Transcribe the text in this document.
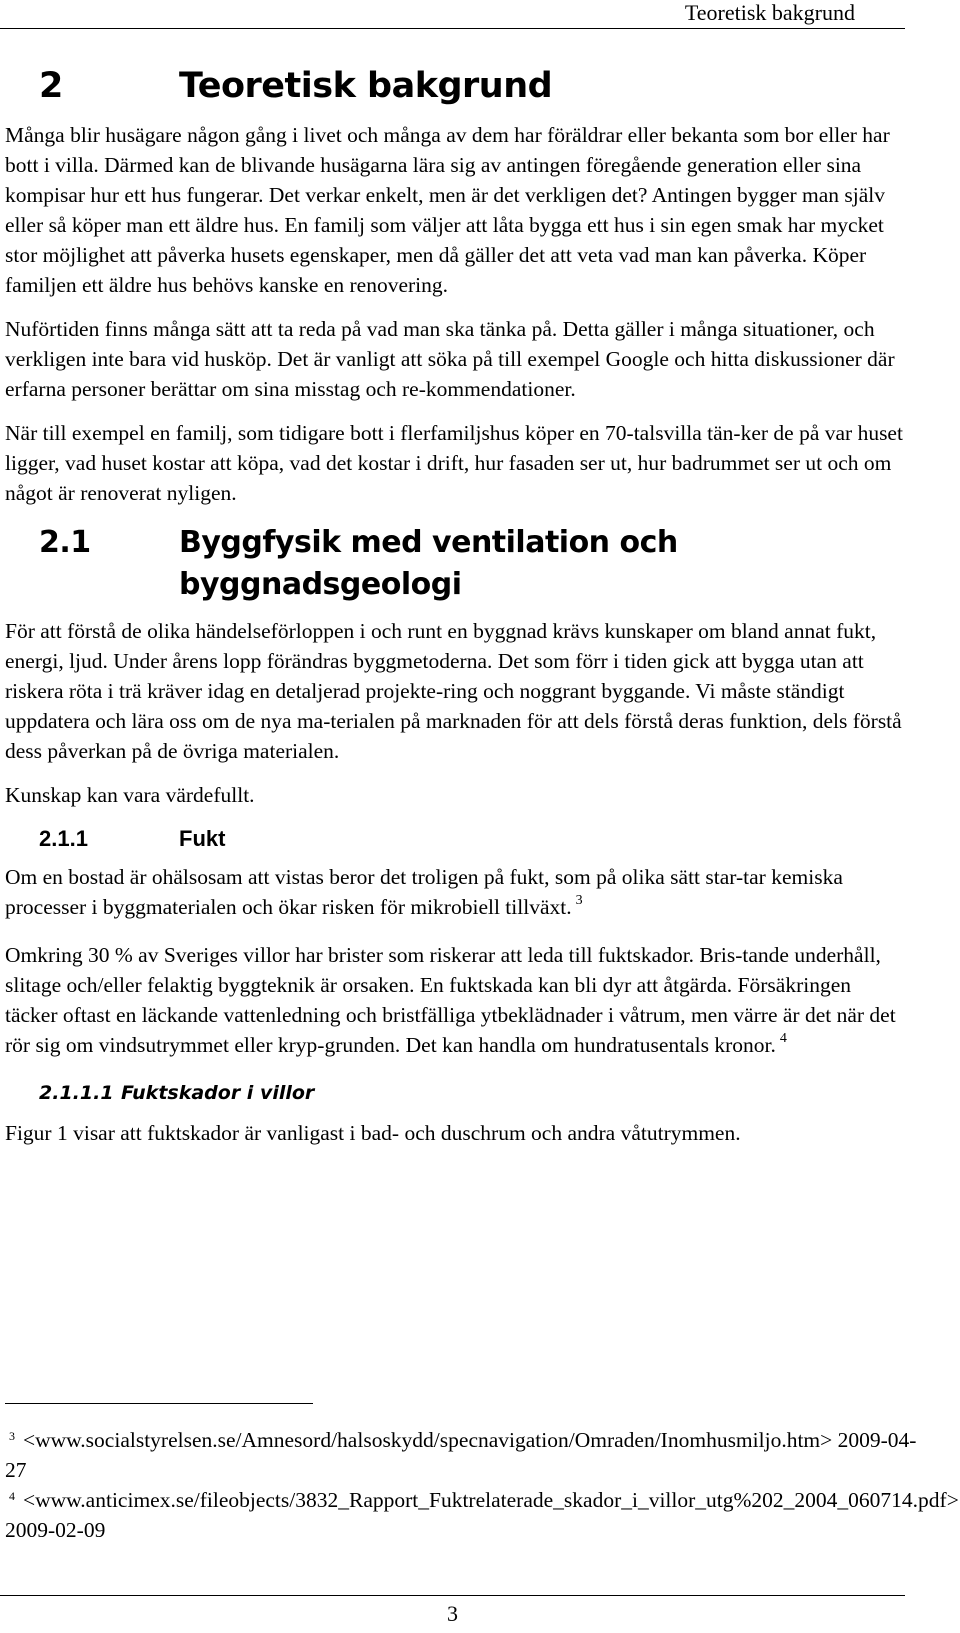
Teoretisk bakgrund
2	Teoretisk bakgrund

Många blir husägare någon gång i livet och många av dem har föräldrar eller bekanta som bor eller har bott i villa. Därmed kan de blivande husägarna lära sig av antingen föregående generation eller sina kompisar hur ett hus fungerar. Det verkar enkelt, men är det verkligen det? Antingen bygger man själv eller så köper man ett äldre hus. En familj som väljer att låta bygga ett hus i sin egen smak har mycket stor möjlighet att påverka husets egenskaper, men då gäller det att veta vad man kan påverka. Köper familjen ett äldre hus behövs kanske en renovering.

Nuförtiden finns många sätt att ta reda på vad man ska tänka på. Detta gäller i många situationer, och verkligen inte bara vid husköp. Det är vanligt att söka på till exempel Google och hitta diskussioner där erfarna personer berättar om sina misstag och re-kommendationer.

När till exempel en familj, som tidigare bott i flerfamiljshus köper en 70-talsvilla tän-ker de på var huset ligger, vad huset kostar att köpa, vad det kostar i drift, hur fasaden ser ut, hur badrummet ser ut och om något är renoverat nyligen.

2.1	Byggfysik med ventilation och byggnadsgeologi

För att förstå de olika händelseförloppen i och runt en byggnad krävs kunskaper om bland annat fukt, energi, ljud. Under årens lopp förändras byggmetoderna. Det som förr i tiden gick att bygga utan att riskera röta i trä kräver idag en detaljerad projekte-ring och noggrant byggande. Vi måste ständigt uppdatera och lära oss om de nya ma-terialen på marknaden för att dels förstå deras funktion, dels förstå dess påverkan på de övriga materialen.

Kunskap kan vara värdefullt.

2.1.1	Fukt

Om en bostad är ohälsosam att vistas beror det troligen på fukt, som på olika sätt star-tar kemiska processer i byggmaterialen och ökar risken för mikrobiell tillväxt. $^3$

Omkring 30 % av Sveriges villor har brister som riskerar att leda till fuktskador. Bris-tande underhåll, slitage och/eller felaktig byggteknik är orsaken. En fuktskada kan bli dyr att åtgärda. Försäkringen täcker oftast en läckande vattenledning och bristfälliga ytbeklädnader i våtrum, men värre är det när det rör sig om vindsutrymmet eller kryp-grunden. Det kan handla om hundratusentals kronor. $^4$

2.1.1.1 Fuktskador i villor

Figur 1 visar att fuktskador är vanligast i bad- och duschrum och andra våtutrymmen.

$^3$ <www.socialstyrelsen.se/Amnesord/halsoskydd/specnavigation/Omraden/Inomhusmiljo.htm> 2009-04-27

$^4$ <www.anticimex.se/fileobjects/3832_Rapport_Fuktrelaterade_skador_i_villor_utg%202_2004_060714.pdf> 2009-02-09

3
